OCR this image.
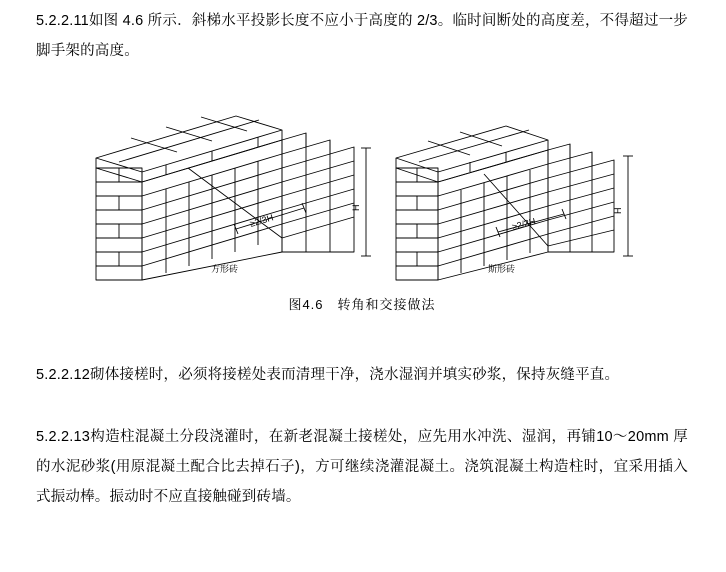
5.2.2.11如图 4.6 所示．斜梯水平投影长度不应小于高度的 2/3。临时间断处的高度差，不得超过一步脚手架的高度。
H
≥2/3H
H
≥2/3H
方形砖	斯形砖
图4.6　转角和交接做法
5.2.2.12砌体接槎时，必须将接槎处表而清理干净，浇水湿润并填实砂浆，保持灰缝平直。
5.2.2.13构造柱混凝土分段浇灌时，在新老混凝土接槎处，应先用水冲洗、湿润，再铺10～20mm 厚的水泥砂浆(用原混凝土配合比去掉石子)，方可继续浇灌混凝土。浇筑混凝土构造柱时，宜采用插入式振动棒。振动时不应直接触碰到砖墙。
